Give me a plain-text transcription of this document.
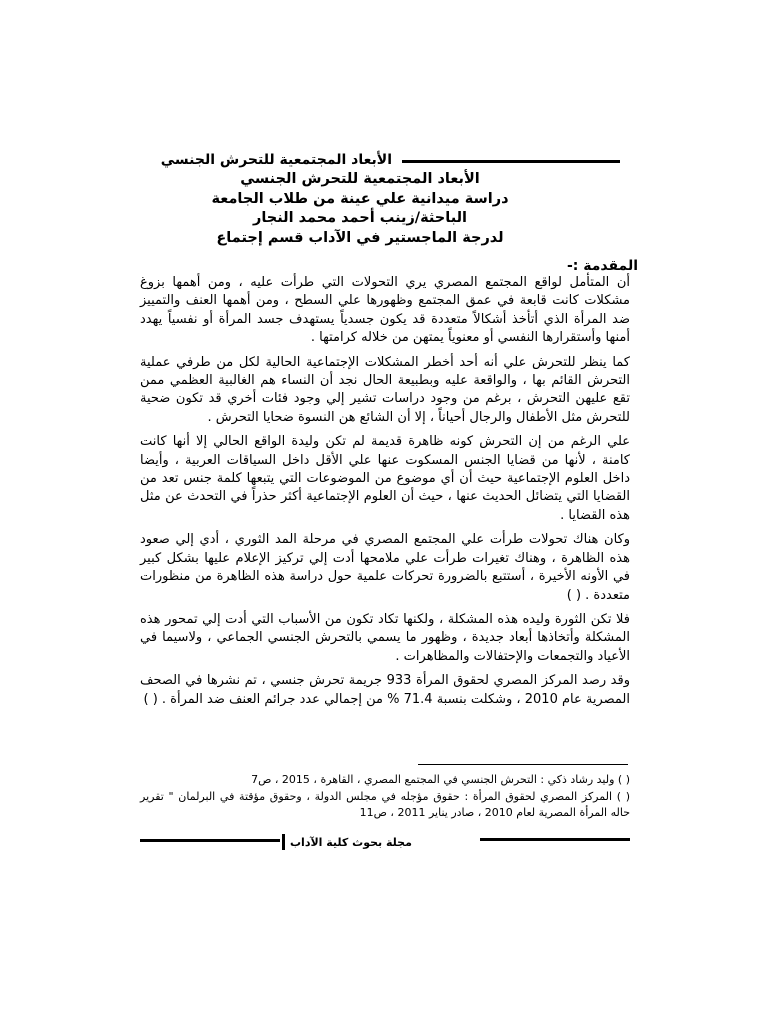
الأبعاد المجتمعية للتحرش الجنسي
الأبعاد المجتمعية للتحرش الجنسي
دراسة ميدانية علي عينة من طلاب الجامعة
الباحثة/زينب أحمد محمد النجار
لدرجة الماجستير في الآداب قسم إجتماع
المقدمة :-

أن المتأمل لواقع المجتمع المصري يري التحولات التي طرأت عليه ، ومن أهمها بزوغ مشكلات كانت قابعة في عمق المجتمع وظهورها علي السطح ، ومن أهمها العنف والتمييز ضد المرأة الذي أتأخذ أشكالاً متعددة قد يكون جسدياً يستهدف جسد المرأة أو نفسياً يهدد أمنها وأستقرارها النفسي أو معنوياً يمتهن من خلاله كرامتها .

كما ينظر للتحرش علي أنه أحد أخطر المشكلات الإجتماعية الحالية لكل من طرفي عملية التحرش القائم بها ، والواقعة عليه وبطبيعة الحال نجد أن النساء هم الغالبية العظمي ممن تقع عليهن التحرش ، برغم من وجود دراسات تشير إلي وجود فئات أخري قد تكون ضحية للتحرش مثل الأطفال والرجال أحياناً ، إلا أن الشائع هن النسوة ضحايا التحرش .

علي الرغم من إن التحرش كونه ظاهرة قديمة لم تكن وليدة الواقع الحالي إلا أنها كانت كامنة ، لأنها من قضايا الجنس المسكوت عنها علي الأقل داخل السياقات العربية ، وأيضا داخل العلوم الإجتماعية حيث أن أي موضوع من الموضوعات التي يتبعها كلمة جنس تعد من القضايا التي يتضائل الحديث عنها ، حيث أن العلوم الإجتماعية أكثر حذراً في التحدث عن مثل هذه القضايا .

وكان هناك تحولات طرأت علي المجتمع المصري في مرحلة المد الثوري ، أدي إلي صعود هذه الظاهرة ، وهناك تغيرات طرأت علي ملامحها أدت إلي تركيز الإعلام عليها بشكل كبير في الأونه الأخيرة ، أستتبع بالضرورة تحركات علمية حول دراسة هذه الظاهرة من منظورات متعددة . ( )

فلا تكن الثورة وليده هذه المشكلة ، ولكنها تكاد تكون من الأسباب التي أدت إلي تمحور هذه المشكلة وأتخاذها أبعاد جديدة ، وظهور ما يسمي بالتحرش الجنسي الجماعي ، ولاسيما في الأعياد والتجمعات والإحتفالات والمظاهرات .

وقد رصد المركز المصري لحقوق المرأة 933 جريمة تحرش جنسي ، تم نشرها في الصحف المصرية عام 2010 ، وشكلت بنسبة 71.4 % من إجمالي عدد جرائم العنف ضد المرأة . ( )

( ) وليد رشاد ذكي : التحرش الجنسي في المجتمع المصري ، القاهرة ، 2015 ، ص7

( ) المركز المصري لحقوق المرأة : حقوق مؤجله في مجلس الدولة ، وحقوق مؤقتة في البرلمان " تقرير حاله المرأة المصرية لعام 2010 ، صادر يناير 2011 ، ص11

مجلة بحوث كلية الآداب
